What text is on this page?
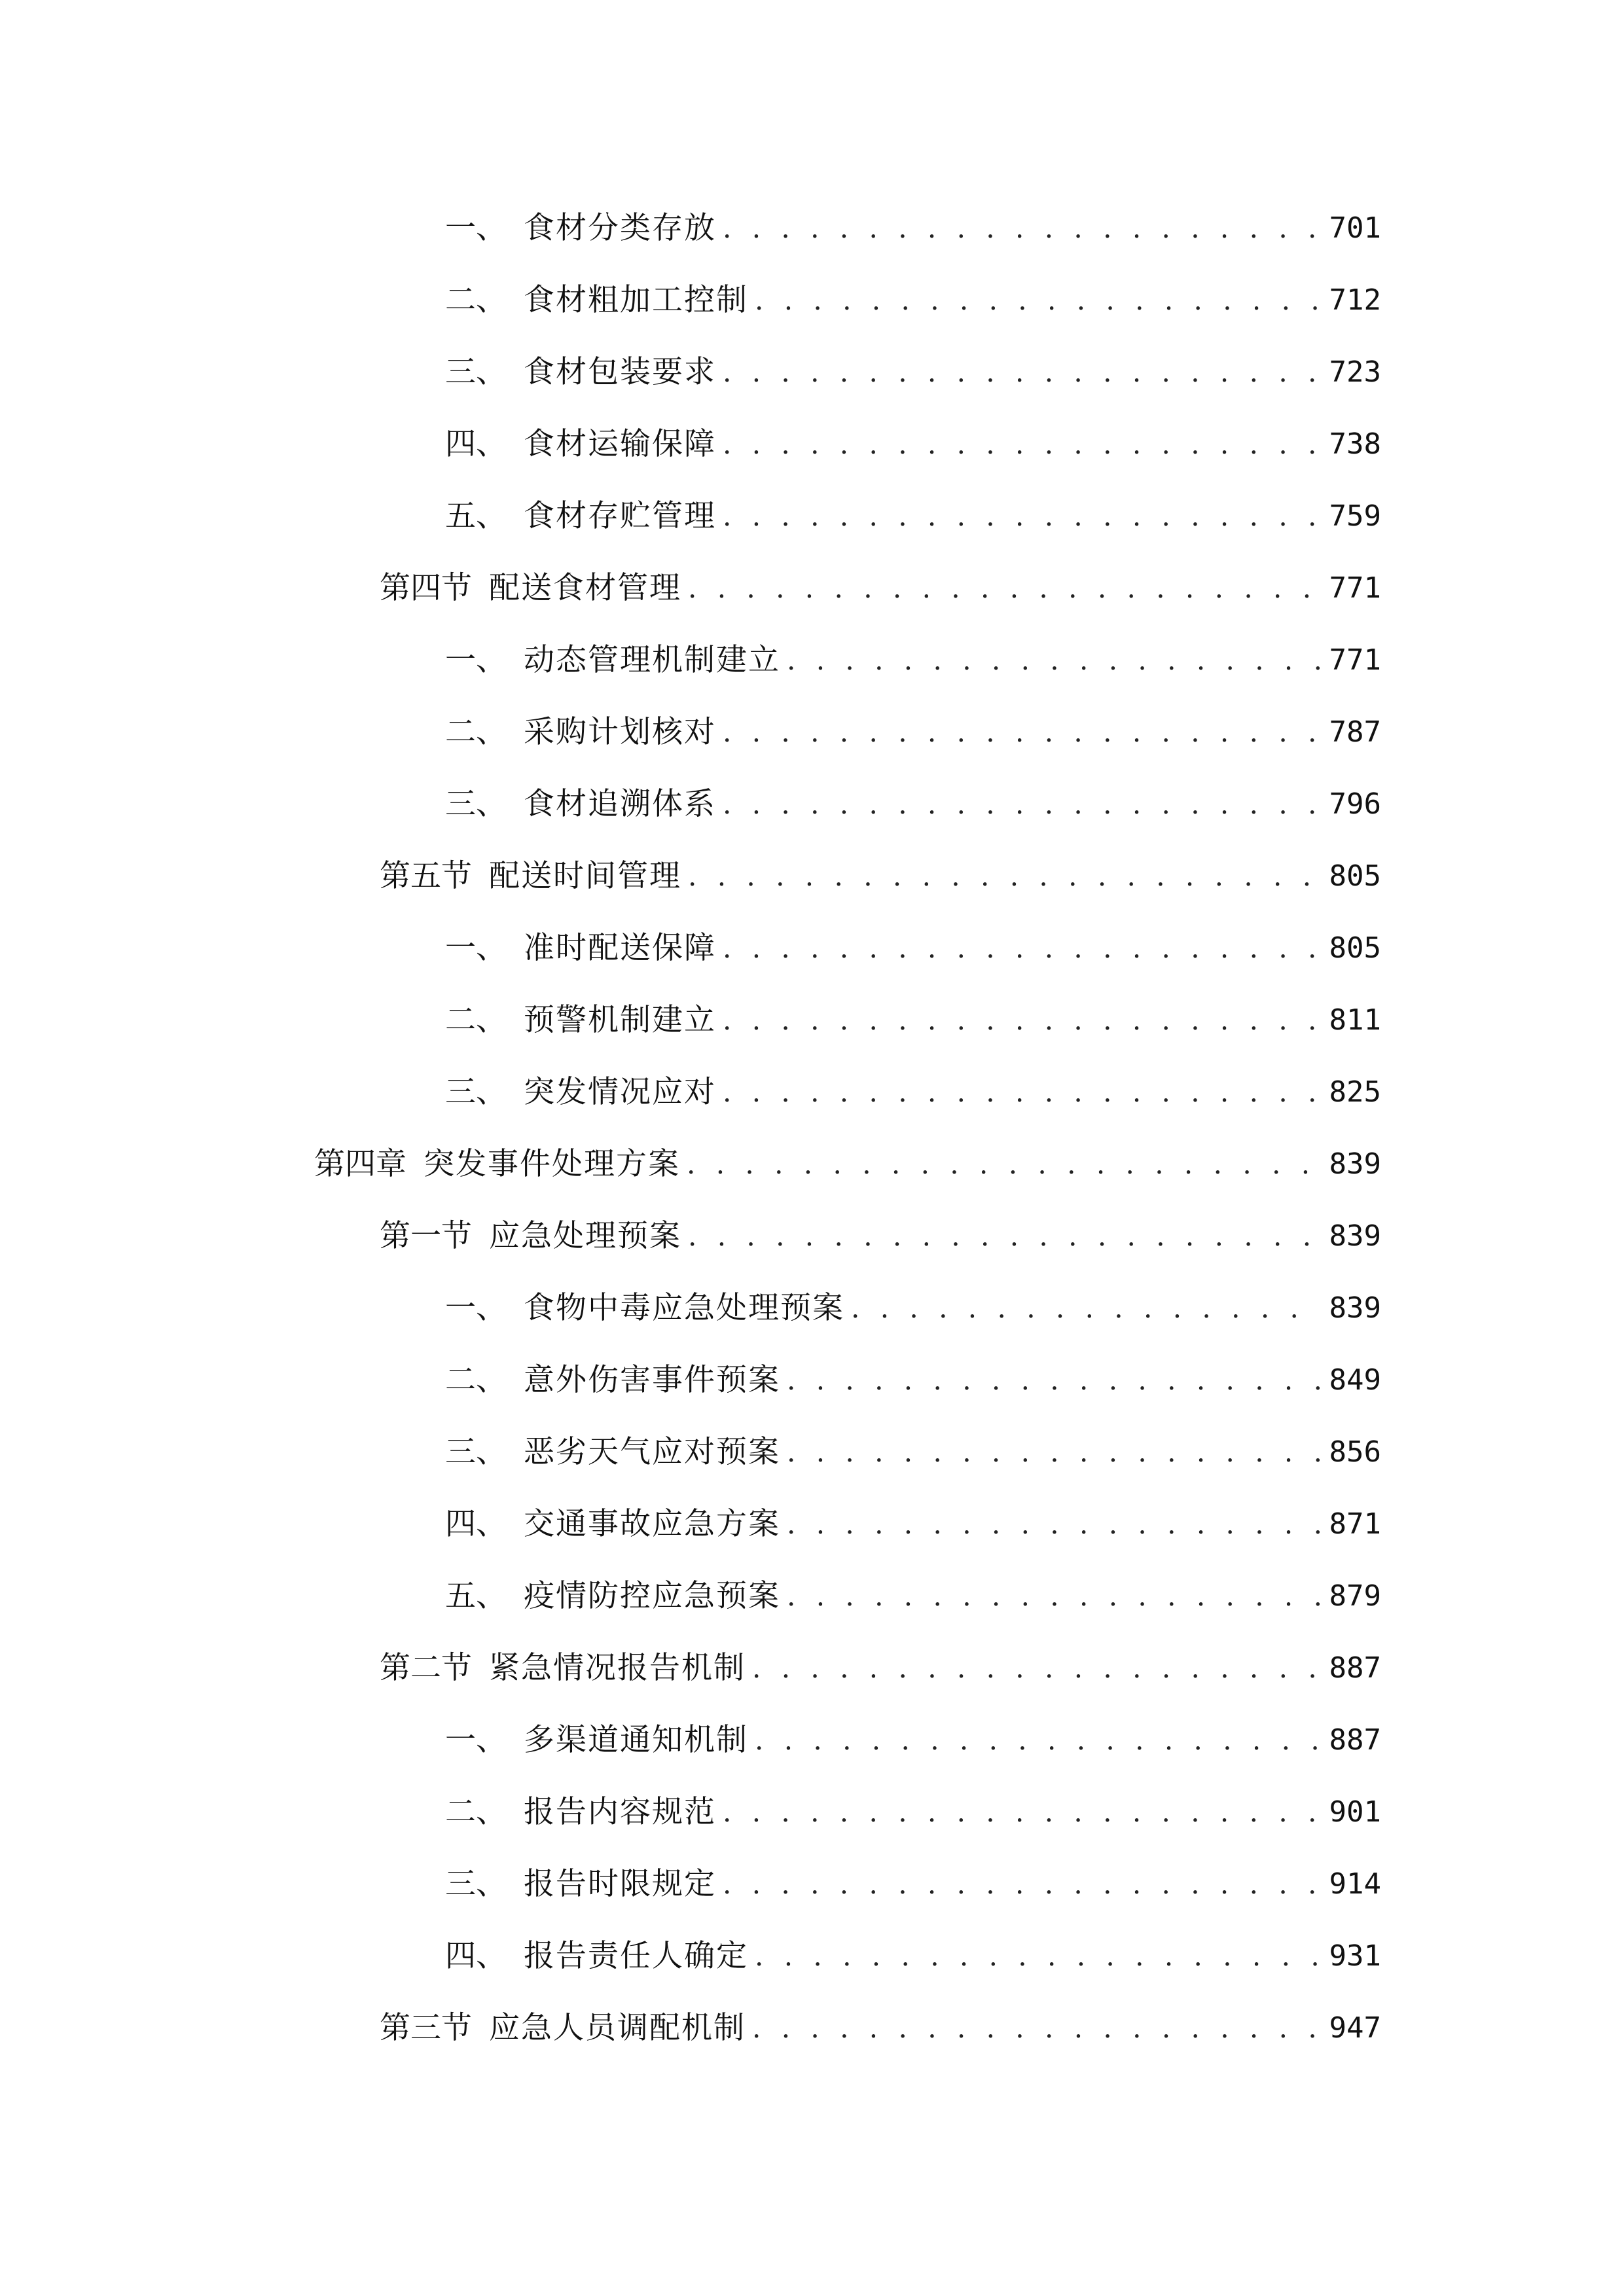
一、 食材分类存放 . . .	701
二、 食材粗加工控制 . . .	712
三、 食材包装要求 . . .	723
四、 食材运输保障 . . .	738
五、 食材存贮管理 . . .	759
第四节 配送食材管理 . . .	771
一、 动态管理机制建立 . . .	771
二、 采购计划核对 . . .	787
三、 食材追溯体系 . . .	796
第五节 配送时间管理 . . .	805
一、 准时配送保障 . . .	805
二、 预警机制建立 . . .	811
三、 突发情况应对 . . .	825
第四章 突发事件处理方案 . . .	839
第一节 应急处理预案 . . .	839
一、 食物中毒应急处理预案 . . .	839
二、 意外伤害事件预案 . . .	849
三、 恶劣天气应对预案 . . .	856
四、 交通事故应急方案 . . .	871
五、 疫情防控应急预案 . . .	879
第二节 紧急情况报告机制 . . .	887
一、 多渠道通知机制 . . .	887
二、 报告内容规范 . . .	901
三、 报告时限规定 . . .	914
四、 报告责任人确定 . . .	931
第三节 应急人员调配机制 . . .	947
